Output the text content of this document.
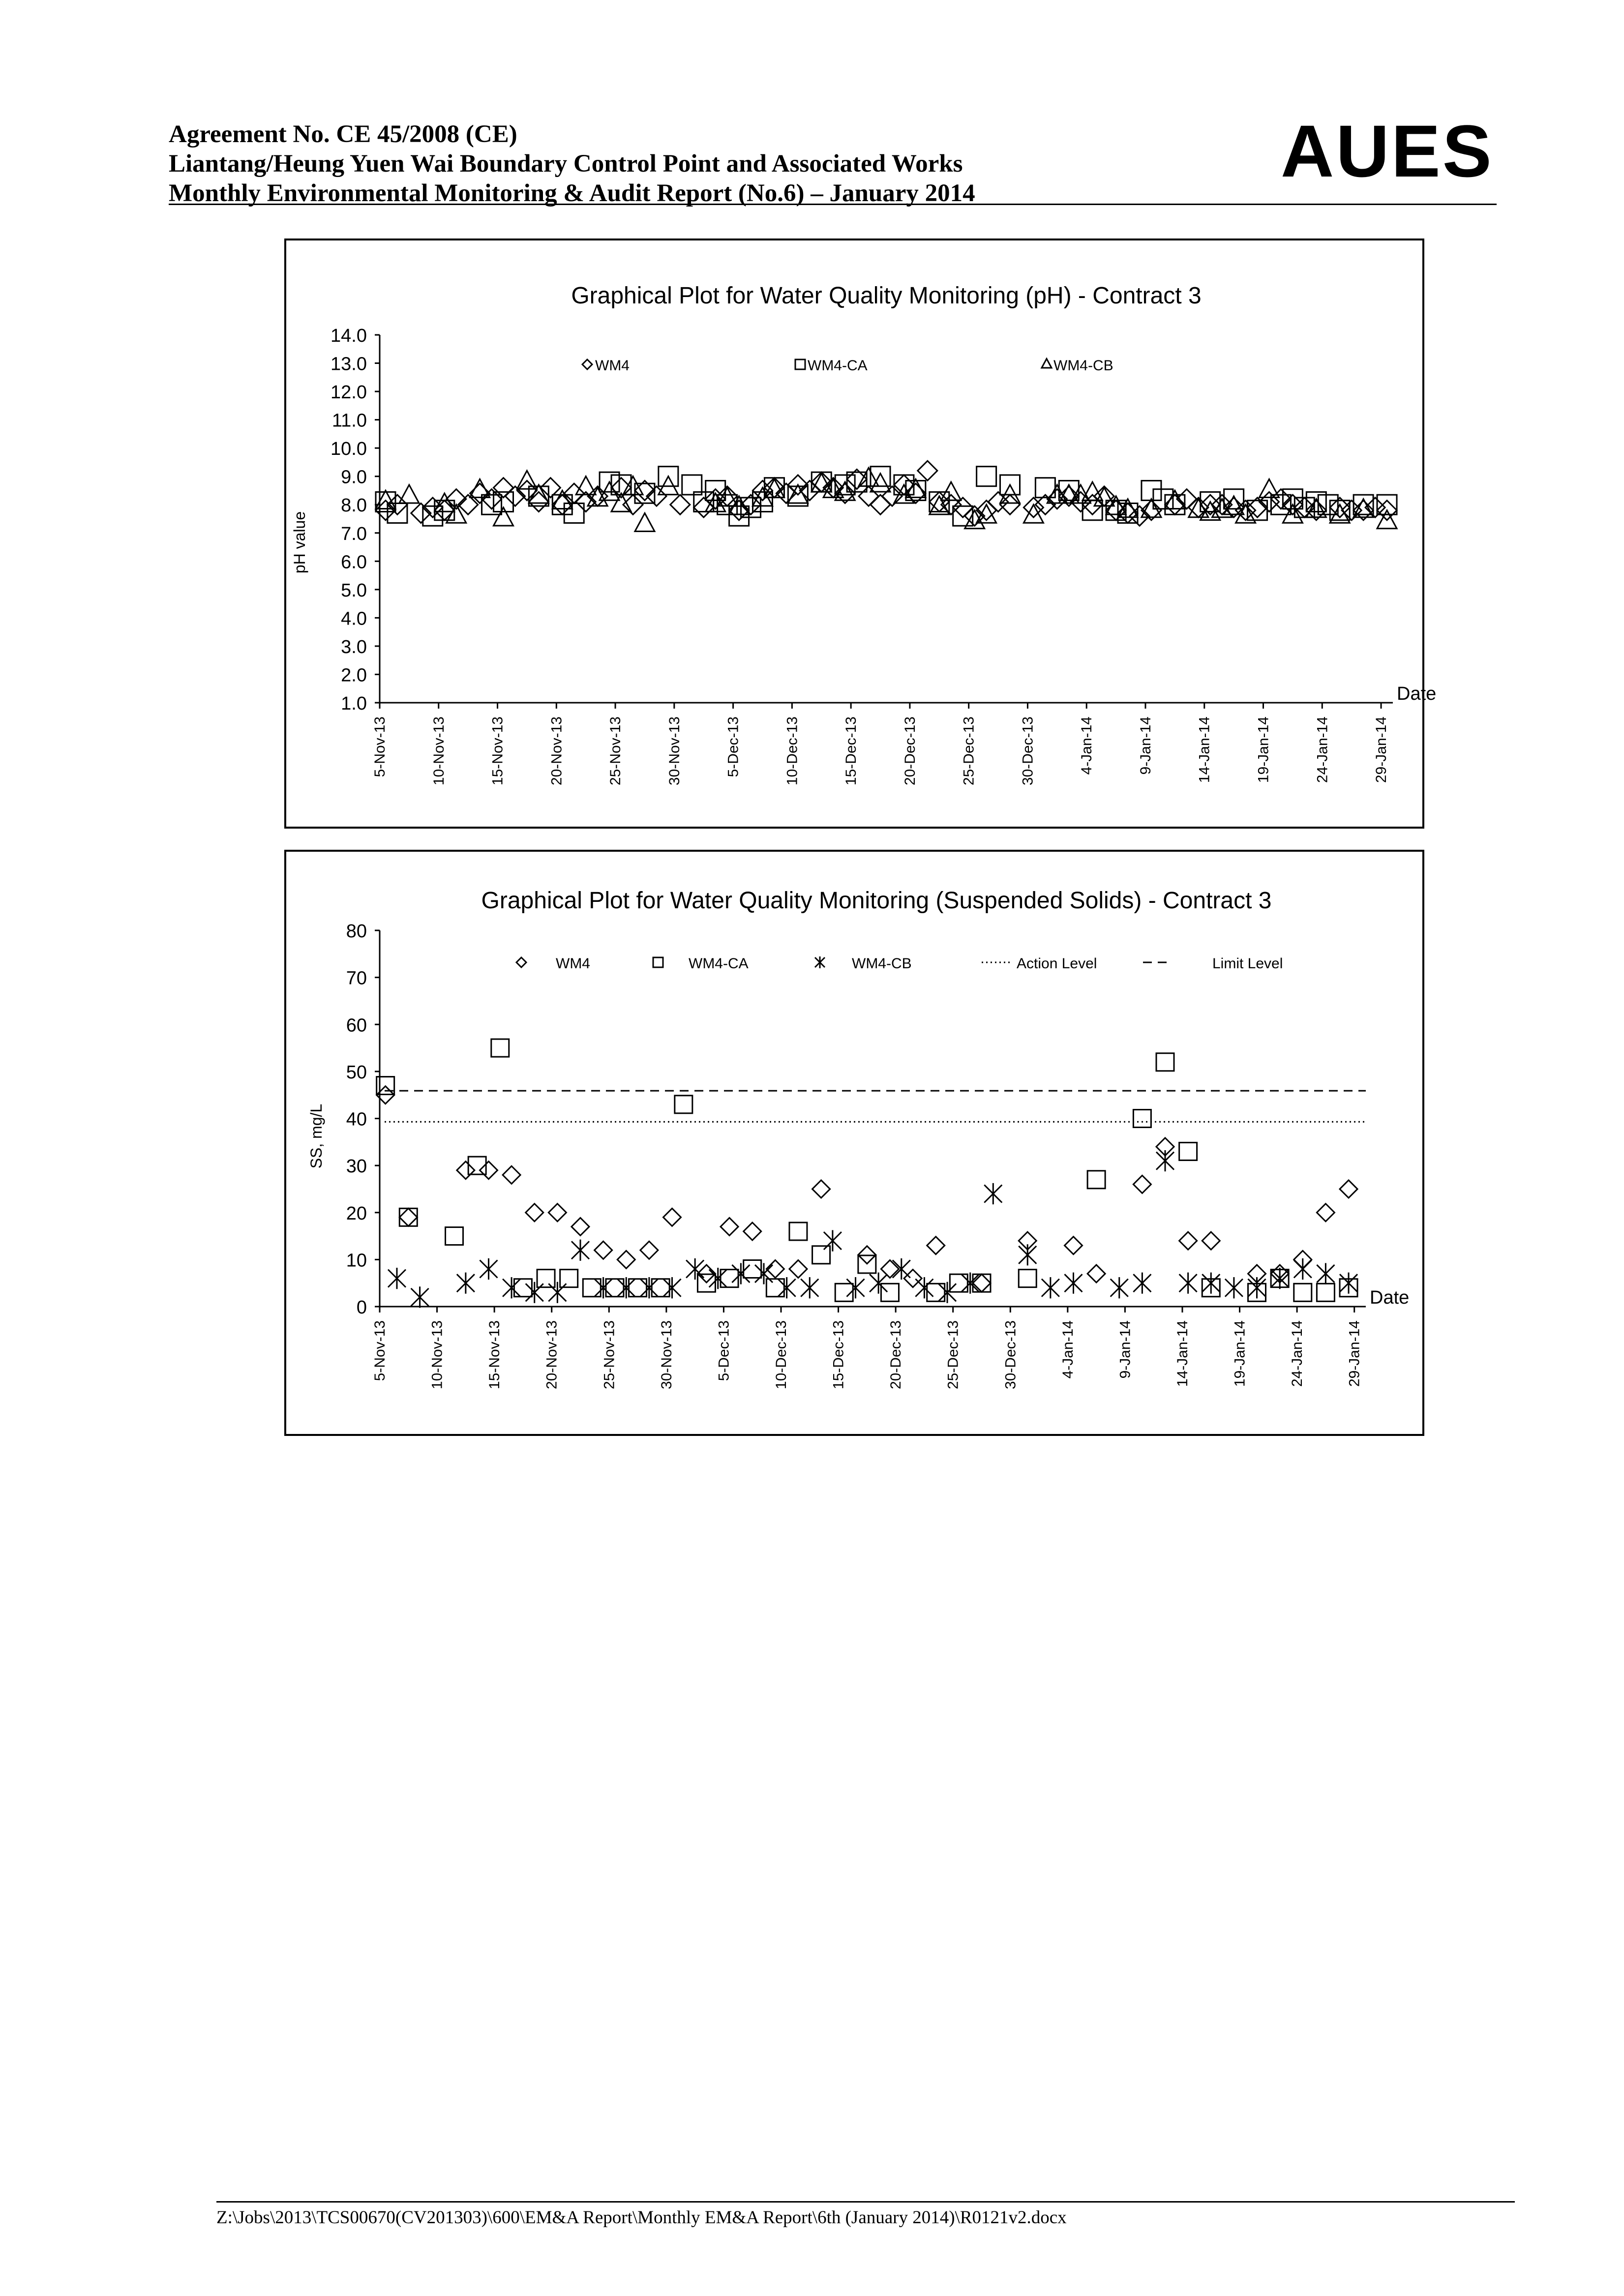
Agreement No. CE 45/2008 (CE)
Liantang/Heung Yuen Wai Boundary Control Point and Associated Works
Monthly Environmental Monitoring & Audit Report (No.6) – January 2014
AUES
Graphical Plot for Water Quality Monitoring (pH) - Contract 3
1.0
2.0
3.0
4.0
5.0
6.0
7.0
8.0
9.0
10.0
11.0
12.0
13.0
14.0
pH value
5-Nov-13	10-Nov-13	15-Nov-13	20-Nov-13	25-Nov-13	30-Nov-13	5-Dec-13	10-Dec-13	15-Dec-13	20-Dec-13	25-Dec-13	30-Dec-13	4-Jan-14	9-Jan-14	14-Jan-14	19-Jan-14	24-Jan-14	29-Jan-14
Date
WM4	WM4-CA	WM4-CB
Graphical Plot for Water Quality Monitoring (Suspended Solids) - Contract 3
0
10
20
30
40
50
60
70
80
SS, mg/L
5-Nov-13	10-Nov-13	15-Nov-13	20-Nov-13	25-Nov-13	30-Nov-13	5-Dec-13	10-Dec-13	15-Dec-13	20-Dec-13	25-Dec-13	30-Dec-13	4-Jan-14	9-Jan-14	14-Jan-14	19-Jan-14	24-Jan-14	29-Jan-14
Date
WM4	WM4-CA	WM4-CB	Action Level	Limit Level
Z:\Jobs\2013\TCS00670(CV201303)\600\EM&A Report\Monthly EM&A Report\6th (January 2014)\R0121v2.docx
